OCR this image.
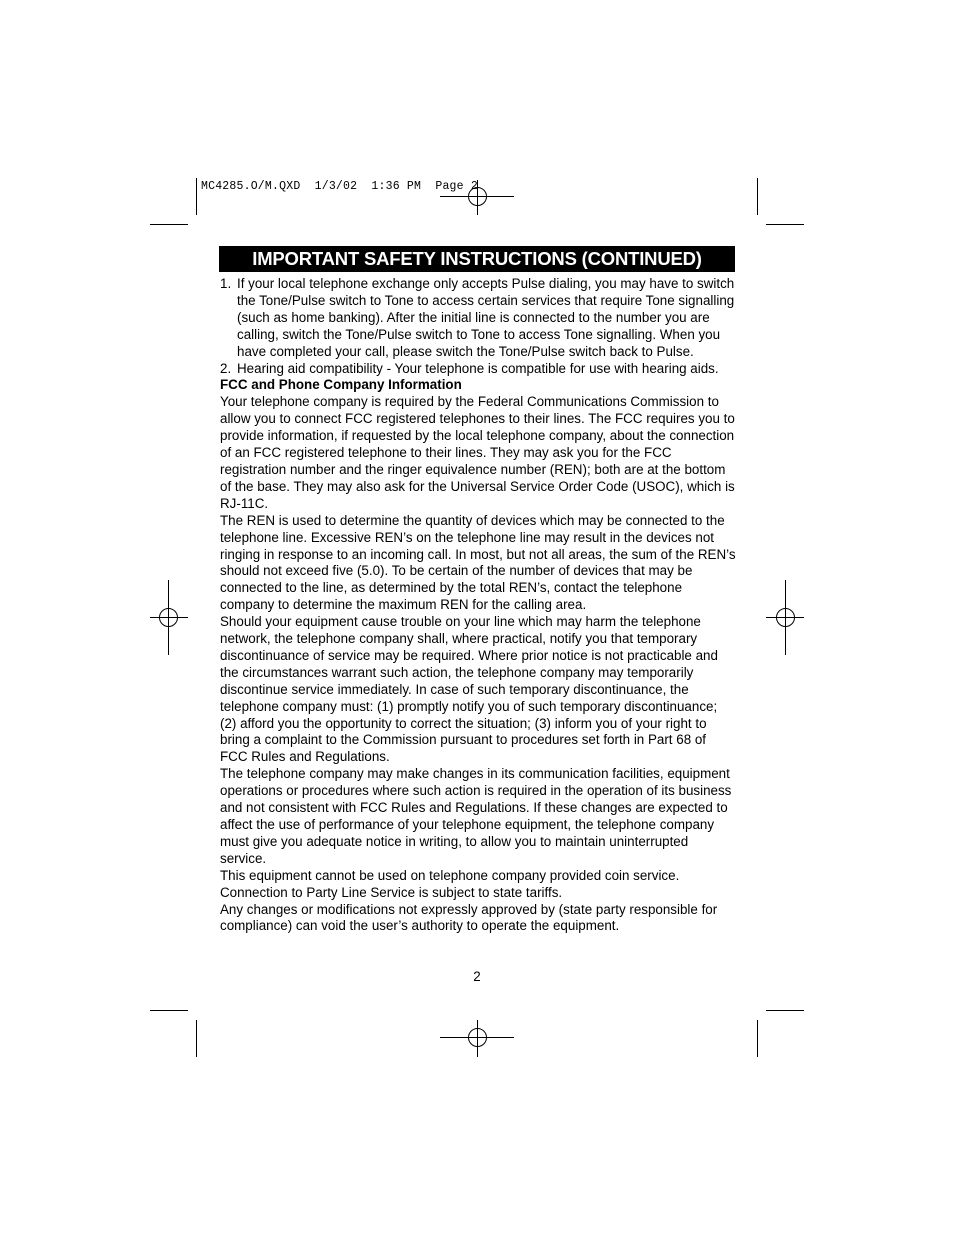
MC4285.O/M.QXD  1/3/02  1:36 PM  Page 2
IMPORTANT SAFETY INSTRUCTIONS (CONTINUED)
1. If your local telephone exchange only accepts Pulse dialing, you may have to switch the Tone/Pulse switch to Tone to access certain services that require Tone signalling (such as home banking). After the initial line is connected to the number you are calling, switch the Tone/Pulse switch to Tone to access Tone signalling. When you have completed your call, please switch the Tone/Pulse switch back to Pulse.
2. Hearing aid compatibility - Your telephone is compatible for use with hearing aids.

FCC and Phone Company Information

Your telephone company is required by the Federal Communications Commission to allow you to connect FCC registered telephones to their lines. The FCC requires you to provide information, if requested by the local telephone company, about the connection of an FCC registered telephone to their lines. They may ask you for the FCC registration number and the ringer equivalence number (REN); both are at the bottom of the base. They may also ask for the Universal Service Order Code (USOC), which is RJ-11C.

The REN is used to determine the quantity of devices which may be connected to the telephone line. Excessive REN’s on the telephone line may result in the devices not ringing in response to an incoming call. In most, but not all areas, the sum of the REN’s should not exceed five (5.0). To be certain of the number of devices that may be connected to the line, as determined by the total REN’s, contact the telephone company to determine the maximum REN for the calling area.

Should your equipment cause trouble on your line which may harm the telephone network, the telephone company shall, where practical, notify you that temporary discontinuance of service may be required. Where prior notice is not practicable and the circumstances warrant such action, the telephone company may temporarily discontinue service immediately. In case of such temporary discontinuance, the telephone company must: (1) promptly notify you of such temporary discontinuance; (2) afford you the opportunity to correct the situation; (3) inform you of your right to bring a complaint to the Commission pursuant to procedures set forth in Part 68 of FCC Rules and Regulations.

The telephone company may make changes in its communication facilities, equipment operations or procedures where such action is required in the operation of its business and not consistent with FCC Rules and Regulations. If these changes are expected to affect the use of performance of your telephone equipment, the telephone company must give you adequate notice in writing, to allow you to maintain uninterrupted service.

This equipment cannot be used on telephone company provided coin service. Connection to Party Line Service is subject to state tariffs.

Any changes or modifications not expressly approved by (state party responsible for compliance) can void the user’s authority to operate the equipment.

2
